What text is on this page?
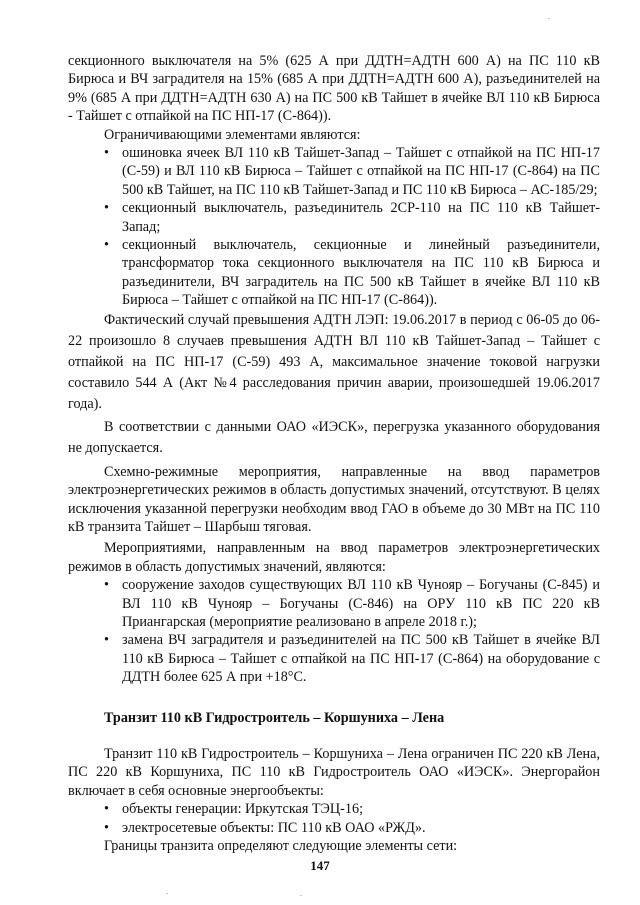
секционного выключателя на 5% (625 А при ДДТН=АДТН 600 А) на ПС 110 кВ Бирюса и ВЧ заградителя на 15% (685 А при ДДТН=АДТН 600 А), разъединителей на 9% (685 А при ДДТН=АДТН 630 А) на ПС 500 кВ Тайшет в ячейке ВЛ 110 кВ Бирюса - Тайшет с отпайкой на ПС НП-17 (С-864)).

Ограничивающими элементами являются:

• ошиновка ячеек ВЛ 110 кВ Тайшет-Запад – Тайшет с отпайкой на ПС НП-17 (С-59) и ВЛ 110 кВ Бирюса – Тайшет с отпайкой на ПС НП-17 (С-864) на ПС 500 кВ Тайшет, на ПС 110 кВ Тайшет-Запад и ПС 110 кВ Бирюса – АС-185/29;
• секционный выключатель, разъединитель 2СР-110 на ПС 110 кВ Тайшет-Запад;
• секционный выключатель, секционные и линейный разъединители, трансформатор тока секционного выключателя на ПС 110 кВ Бирюса и разъединители, ВЧ заградитель на ПС 500 кВ Тайшет в ячейке ВЛ 110 кВ Бирюса – Тайшет с отпайкой на ПС НП-17 (С-864)).

Фактический случай превышения АДТН ЛЭП: 19.06.2017 в период с 06-05 до 06-22 произошло 8 случаев превышения АДТН ВЛ 110 кВ Тайшет-Запад – Тайшет с отпайкой на ПС НП-17 (С-59) 493 А, максимальное значение токовой нагрузки составило 544 А (Акт №4 расследования причин аварии, произошедшей 19.06.2017 года).

В соответствии с данными ОАО «ИЭСК», перегрузка указанного оборудования не допускается.

Схемно-режимные мероприятия, направленные на ввод параметров электроэнергетических режимов в область допустимых значений, отсутствуют. В целях исключения указанной перегрузки необходим ввод ГАО в объеме до 30 МВт на ПС 110 кВ транзита Тайшет – Шарбыш тяговая.

Мероприятиями, направленным на ввод параметров электроэнергетических режимов в область допустимых значений, являются:

• сооружение заходов существующих ВЛ 110 кВ Чунояр – Богучаны (С-845) и ВЛ 110 кВ Чунояр – Богучаны (С-846) на ОРУ 110 кВ ПС 220 кВ Приангарская (мероприятие реализовано в апреле 2018 г.);
• замена ВЧ заградителя и разъединителей на ПС 500 кВ Тайшет в ячейке ВЛ 110 кВ Бирюса – Тайшет с отпайкой на ПС НП-17 (С-864) на оборудование с ДДТН более 625 А при +18°С.

Транзит 110 кВ Гидростроитель – Коршуниха – Лена

Транзит 110 кВ Гидростроитель – Коршуниха – Лена ограничен ПС 220 кВ Лена, ПС 220 кВ Коршуниха, ПС 110 кВ Гидростроитель ОАО «ИЭСК». Энергорайон включает в себя основные энергообъекты:

• объекты генерации: Иркутская ТЭЦ-16;
• электросетевые объекты: ПС 110 кВ ОАО «РЖД».

Границы транзита определяют следующие элементы сети:

147
